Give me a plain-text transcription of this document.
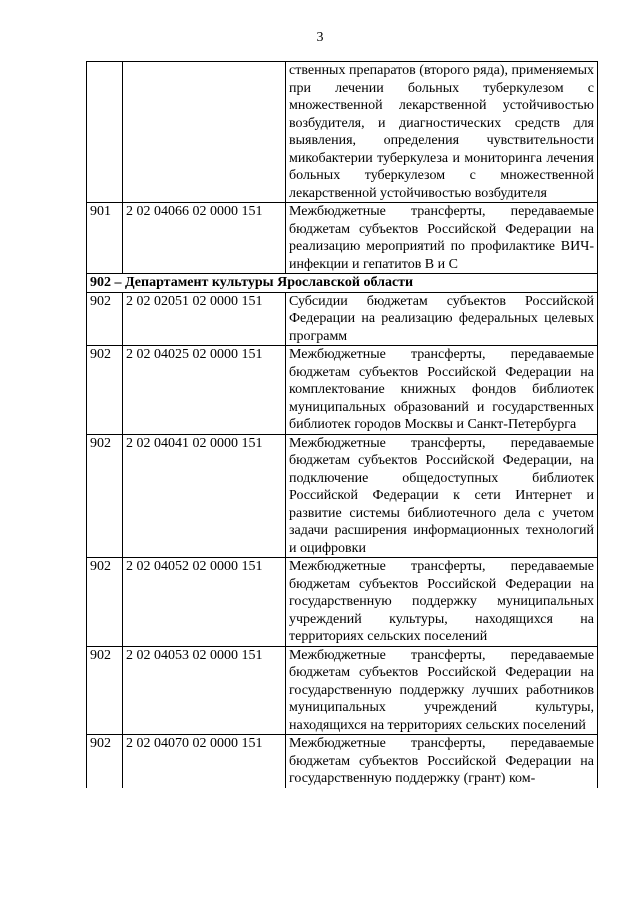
3
		ственных препаратов (второго ряда), применяемых при лечении больных туберкулезом с множественной лекарственной устойчивостью возбудителя, и диагностических средств для выявления, определения чувствительности микобактерии туберкулеза и мониторинга лечения больных туберкулезом с множественной лекарственной устойчивостью возбудителя
901	2 02 04066 02 0000 151	Межбюджетные трансферты, передаваемые бюджетам субъектов Российской Федерации на реализацию мероприятий по профилактике ВИЧ-инфекции и гепатитов B и C
902 – Департамент культуры Ярославской области		
902	2 02 02051 02 0000 151	Субсидии бюджетам субъектов Российской Федерации на реализацию федеральных целевых программ
902	2 02 04025 02 0000 151	Межбюджетные трансферты, передаваемые бюджетам субъектов Российской Федерации на комплектование книжных фондов библиотек муниципальных образований и государственных библиотек городов Москвы и Санкт-Петербурга
902	2 02 04041 02 0000 151	Межбюджетные трансферты, передаваемые бюджетам субъектов Российской Федерации, на подключение общедоступных библиотек Российской Федерации к сети Интернет и развитие системы библиотечного дела с учетом задачи расширения информационных технологий и оцифровки
902	2 02 04052 02 0000 151	Межбюджетные трансферты, передаваемые бюджетам субъектов Российской Федерации на государственную поддержку муниципальных учреждений культуры, находящихся на территориях сельских поселений
902	2 02 04053 02 0000 151	Межбюджетные трансферты, передаваемые бюджетам субъектов Российской Федерации на государственную поддержку лучших работников муниципальных учреждений культуры, находящихся на территориях сельских поселений
902	2 02 04070 02 0000 151	Межбюджетные трансферты, передаваемые бюджетам субъектов Российской Федерации на государственную поддержку (грант) ком-
